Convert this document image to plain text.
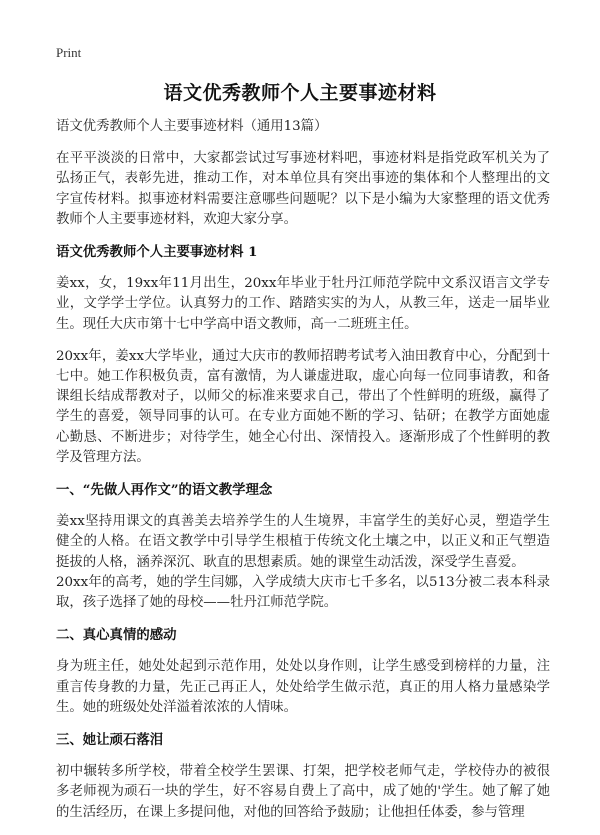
Print
语文优秀教师个人主要事迹材料
语文优秀教师个人主要事迹材料（通用13篇）

在平平淡淡的日常中，大家都尝试过写事迹材料吧，事迹材料是指党政军机关为了弘扬正气，表彰先进，推动工作，对本单位具有突出事迹的集体和个人整理出的文字宣传材料。拟事迹材料需要注意哪些问题呢？以下是小编为大家整理的语文优秀教师个人主要事迹材料，欢迎大家分享。

语文优秀教师个人主要事迹材料 1

姜xx，女，19xx年11月出生，20xx年毕业于牡丹江师范学院中文系汉语言文学专业，文学学士学位。认真努力的工作、踏踏实实的为人，从教三年，送走一届毕业生。现任大庆市第十七中学高中语文教师，高一二班班主任。

20xx年，姜xx大学毕业，通过大庆市的教师招聘考试考入油田教育中心，分配到十七中。她工作积极负责，富有激情，为人谦虚进取，虚心向每一位同事请教，和备课组长结成帮教对子，以师父的标准来要求自己，带出了个性鲜明的班级，赢得了学生的喜爱，领导同事的认可。在专业方面她不断的学习、钻研；在教学方面她虚心勤恳、不断进步；对待学生，她全心付出、深情投入。逐渐形成了个性鲜明的教学及管理方法。

一、“先做人再作文”的语文教学理念

姜xx坚持用课文的真善美去培养学生的人生境界，丰富学生的美好心灵，塑造学生健全的人格。在语文教学中引导学生根植于传统文化土壤之中，以正义和正气塑造挺拔的人格，涵养深沉、耿直的思想素质。她的课堂生动活泼，深受学生喜爱。

20xx年的高考，她的学生闫娜，入学成绩大庆市七千多名，以513分被二表本科录取，孩子选择了她的母校——牡丹江师范学院。

二、真心真情的感动

身为班主任，她处处起到示范作用，处处以身作则，让学生感受到榜样的力量，注重言传身教的力量，先正己再正人，处处给学生做示范，真正的用人格力量感染学生。她的班级处处洋溢着浓浓的人情味。

三、她让顽石落泪

初中辗转多所学校，带着全校学生罢课、打架，把学校老师气走，学校侍办的被很多老师视为顽石一块的学生，好不容易自费上了高中，成了她的'学生。她了解了她的生活经历，在课上多提问他，对他的回答给予鼓励；让他担任体委，参与管理
